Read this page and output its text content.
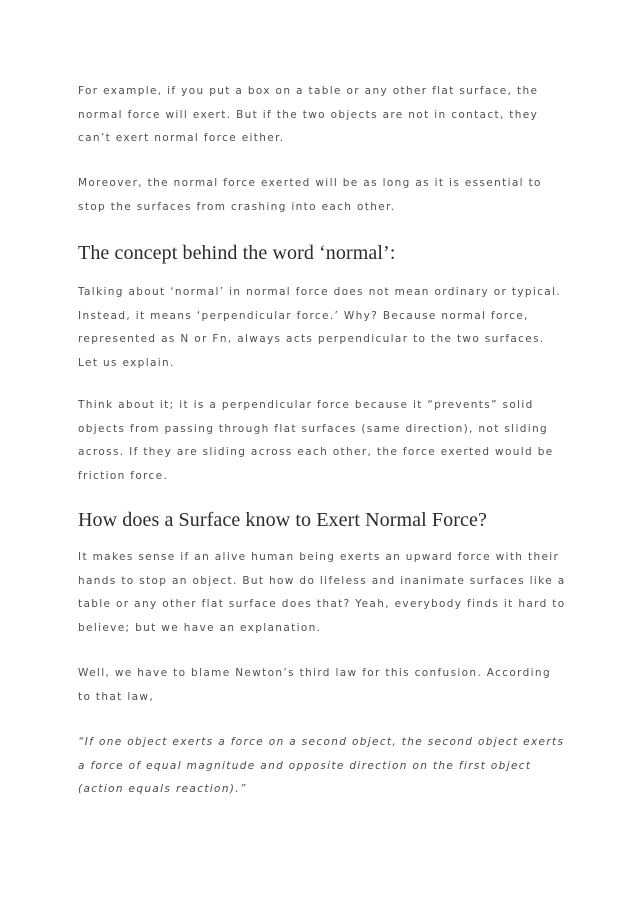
For example, if you put a box on a table or any other flat surface, the normal force will exert. But if the two objects are not in contact, they can’t exert normal force either.

Moreover, the normal force exerted will be as long as it is essential to stop the surfaces from crashing into each other.

The concept behind the word ‘normal’:

Talking about ‘normal’ in normal force does not mean ordinary or typical. Instead, it means ‘perpendicular force.’ Why? Because normal force, represented as N or Fn, always acts perpendicular to the two surfaces. Let us explain.

Think about it; it is a perpendicular force because it “prevents” solid objects from passing through flat surfaces (same direction), not sliding across. If they are sliding across each other, the force exerted would be friction force.

How does a Surface know to Exert Normal Force?

It makes sense if an alive human being exerts an upward force with their hands to stop an object. But how do lifeless and inanimate surfaces like a table or any other flat surface does that? Yeah, everybody finds it hard to believe; but we have an explanation.

Well, we have to blame Newton’s third law for this confusion. According to that law,

“If one object exerts a force on a second object, the second object exerts a force of equal magnitude and opposite direction on the first object (action equals reaction).”
